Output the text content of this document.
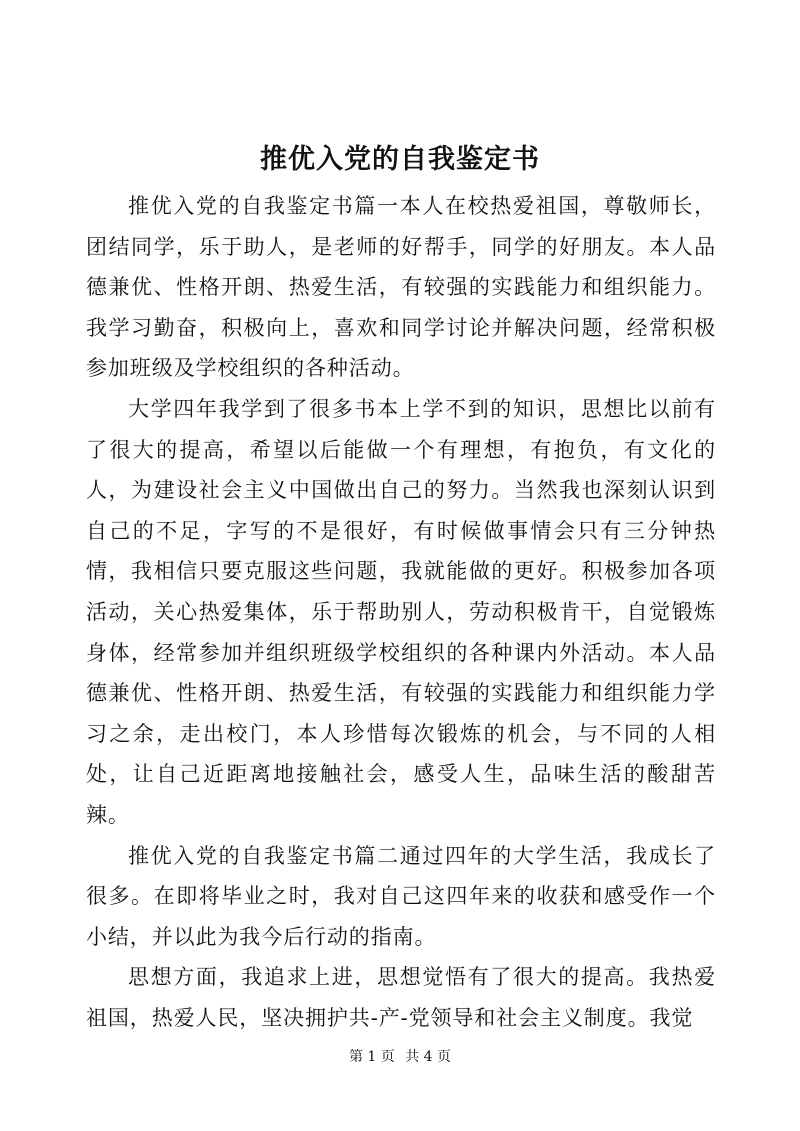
推优入党的自我鉴定书

推优入党的自我鉴定书篇一本人在校热爱祖国，尊敬师长，团结同学，乐于助人，是老师的好帮手，同学的好朋友。本人品德兼优、性格开朗、热爱生活，有较强的实践能力和组织能力。我学习勤奋，积极向上，喜欢和同学讨论并解决问题，经常积极参加班级及学校组织的各种活动。

大学四年我学到了很多书本上学不到的知识，思想比以前有了很大的提高，希望以后能做一个有理想，有抱负，有文化的人，为建设社会主义中国做出自己的努力。当然我也深刻认识到自己的不足，字写的不是很好，有时候做事情会只有三分钟热情，我相信只要克服这些问题，我就能做的更好。积极参加各项活动，关心热爱集体，乐于帮助别人，劳动积极肯干，自觉锻炼身体，经常参加并组织班级学校组织的各种课内外活动。本人品德兼优、性格开朗、热爱生活，有较强的实践能力和组织能力学习之余，走出校门，本人珍惜每次锻炼的机会，与不同的人相处，让自己近距离地接触社会，感受人生，品味生活的酸甜苦辣。

推优入党的自我鉴定书篇二通过四年的大学生活，我成长了很多。在即将毕业之时，我对自己这四年来的收获和感受作一个小结，并以此为我今后行动的指南。

思想方面，我追求上进，思想觉悟有了很大的提高。我热爱祖国，热爱人民，坚决拥护共-产-党领导和社会主义制度。我觉

第 1 页 共 4 页
